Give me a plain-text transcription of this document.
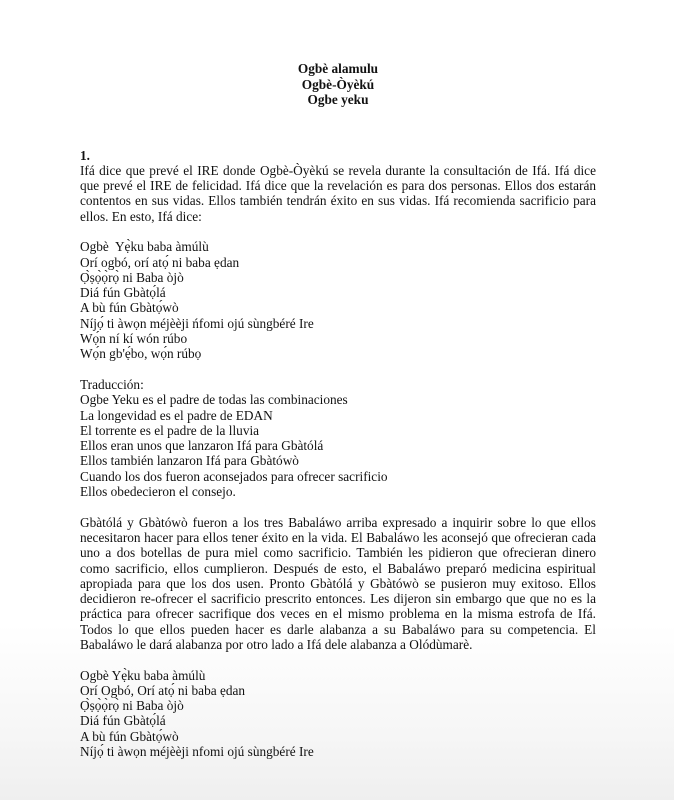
Ogbè alamulu
Ogbè-Òyèkú
Ogbe yeku

1.

Ifá dice que prevé el IRE donde Ogbè-Òyèkú se revela durante la consultación de Ifá. Ifá dice que prevé el IRE de felicidad. Ifá dice que la revelación es para dos personas. Ellos dos estarán contentos en sus vidas. Ellos también tendrán éxito en sus vidas. Ifá recomienda sacrificio para ellos. En esto, Ifá dice:

Ogbè  Yẹ̀ku baba àmúlù
Orí ogbó, orí atọ́ ni baba ẹdan
Ọ̀ṣọ̀ọ̀rọ̀ ni Baba òjò
Diá fún Gbàtọ́lá
A bù fún Gbàtọ́wò
Níjọ́ ti àwọn méjèèji ńfomi ojú sùngbéré Ire
Wọ́n ní kí wón rúbo
Wọ́n gb'ẹ́bo, wọ́n rúbọ
Traducción:
Ogbe Yeku es el padre de todas las combinaciones
La longevidad es el padre de EDAN
El torrente es el padre de la lluvia
Ellos eran unos que lanzaron Ifá para Gbàtólá
Ellos también lanzaron Ifá para Gbàtówò
Cuando los dos fueron aconsejados para ofrecer sacrificio
Ellos obedecieron el consejo.

Gbàtólá y Gbàtówò fueron a los tres Babaláwo arriba expresado a inquirir sobre lo que ellos necesitaron hacer para ellos tener éxito en la vida. El Babaláwo les aconsejó que ofrecieran cada uno a dos botellas de pura miel como sacrificio. También les pidieron que ofrecieran dinero como sacrificio, ellos cumplieron. Después de esto, el Babaláwo preparó medicina espiritual apropiada para que los dos usen. Pronto Gbàtólá y Gbàtówò se pusieron muy exitoso. Ellos decidieron re-ofrecer el sacrificio prescrito entonces. Les dijeron sin embargo que que no es la práctica para ofrecer sacrifique dos veces en el mismo problema en la misma estrofa de Ifá. Todos lo que ellos pueden hacer es darle alabanza a su Babaláwo para su competencia. El Babaláwo le dará alabanza por otro lado a Ifá dele alabanza a Olódùmarè.

Ogbè Yẹ̀ku baba àmúlù
Orí Ogbó, Orí atọ́ ni baba ẹdan
Ọ̀ṣọ̀ọ̀rọ̀ ni Baba òjò
Diá fún Gbàtọ́lá
A bù fún Gbàtọ́wò
Níjọ́ ti àwọn méjèèji nfomi ojú sùngbéré Ire
